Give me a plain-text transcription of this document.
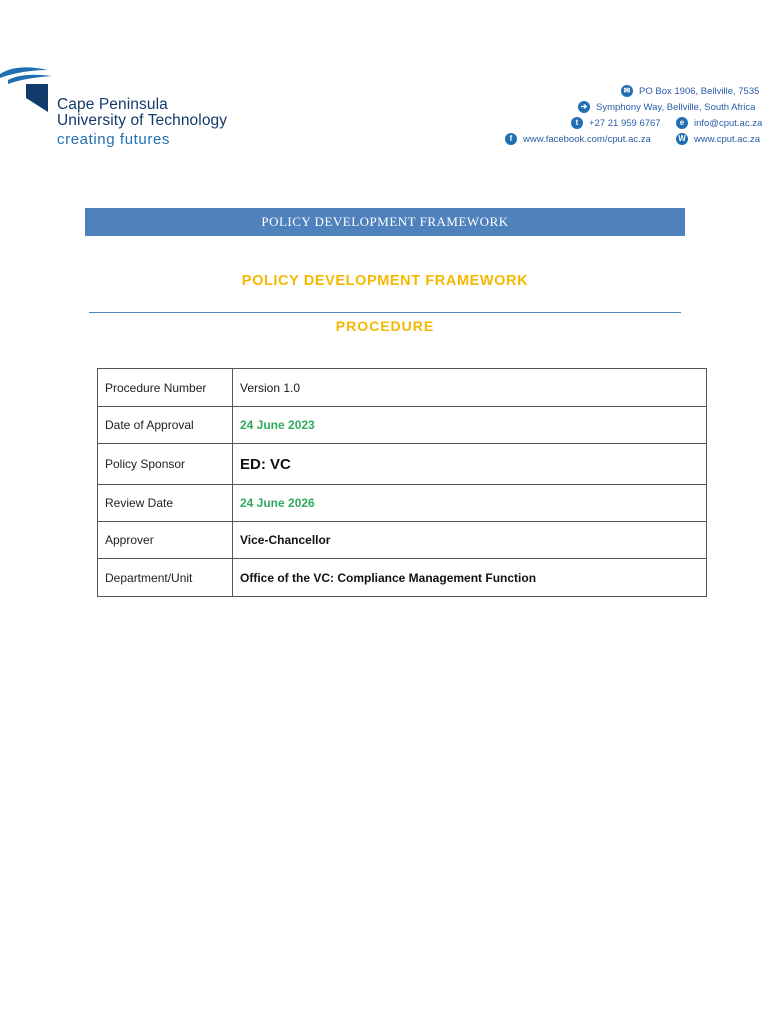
Cape Peninsula
University of Technology
creating futures
✉ PO Box 1906, Bellville, 7535
➔ Symphony Way, Bellville, South Africa
t	+27 21 959 6767	e	info@cput.ac.za
f	www.facebook.com/cput.ac.za	W www.cput.ac.za
POLICY DEVELOPMENT FRAMEWORK
POLICY DEVELOPMENT FRAMEWORK
PROCEDURE
Procedure Number	Version 1.0
Date of Approval	24 June 2023
Policy Sponsor	ED: VC
Review Date	24 June 2026
Approver	Vice-Chancellor
Department/Unit	Office of the VC: Compliance Management Function
